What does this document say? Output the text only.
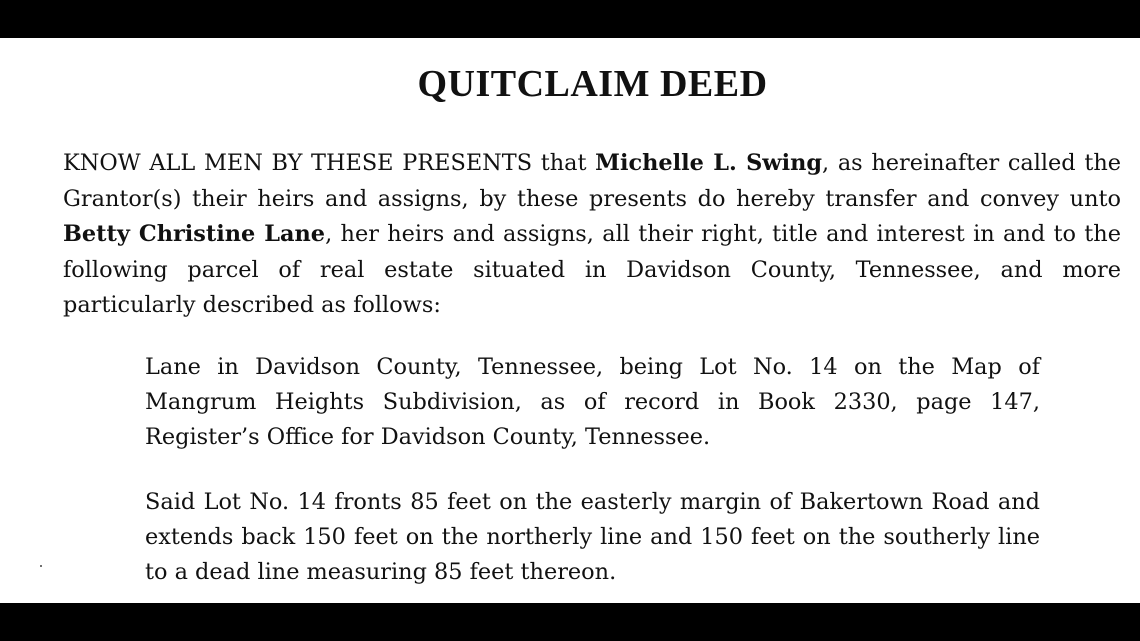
QUITCLAIM DEED
KNOW ALL MEN BY THESE PRESENTS that Michelle L. Swing, as hereinafter called the
Grantor(s) their heirs and assigns, by these presents do hereby transfer and convey unto
Betty Christine Lane, her heirs and assigns, all their right, title and interest in and to the
following parcel of real estate situated in Davidson County, Tennessee, and more
particularly described as follows:
Lane in Davidson County, Tennessee, being Lot No. 14 on the Map of
Mangrum Heights Subdivision, as of record in Book 2330, page 147,
Register’s Office for Davidson County, Tennessee.
Said Lot No. 14 fronts 85 feet on the easterly margin of Bakertown Road and
extends back 150 feet on the northerly line and 150 feet on the southerly line
to a dead line measuring 85 feet thereon.
